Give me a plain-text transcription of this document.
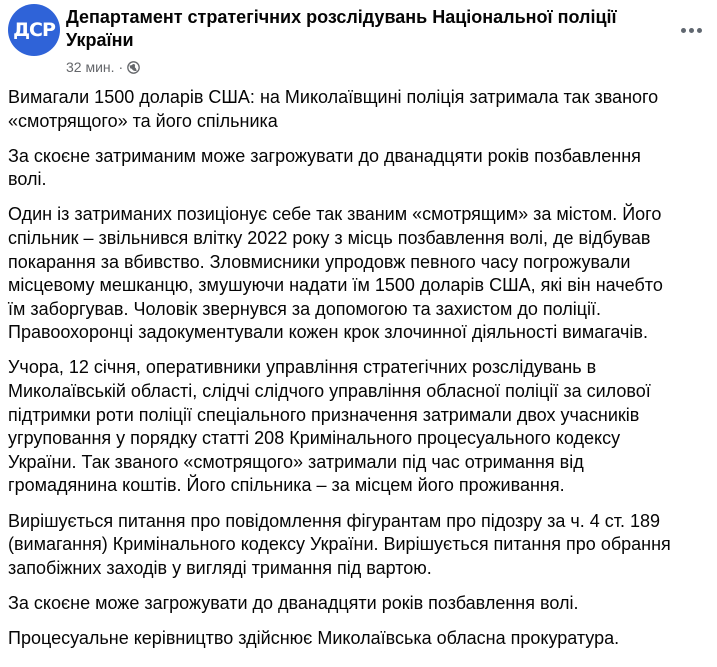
ДСР
Департамент стратегічних розслідувань Національної поліції України
32 мин. ·

Вимагали 1500 доларів США: на Миколаївщині поліція затримала так званого
«смотрящого» та його спільника

За скоєне затриманим може загрожувати до дванадцяти років позбавлення
волі.

Один із затриманих позиціонує себе так званим «смотрящим» за містом. Його
спільник – звільнився влітку 2022 року з місць позбавлення волі, де відбував
покарання за вбивство. Зловмисники упродовж певного часу погрожували
місцевому мешканцю, змушуючи надати їм 1500 доларів США, які він начебто
їм заборгував. Чоловік звернувся за допомогою та захистом до поліції.
Правоохоронці задокументували кожен крок злочинної діяльності вимагачів.

Учора, 12 січня, оперативники управління стратегічних розслідувань в
Миколаївській області, слідчі слідчого управління обласної поліції за силової
підтримки роти поліції спеціального призначення затримали двох учасників
угруповання у порядку статті 208 Кримінального процесуального кодексу
України. Так званого «смотрящого» затримали під час отримання від
громадянина коштів. Його спільника – за місцем його проживання.

Вирішується питання про повідомлення фігурантам про підозру за ч. 4 ст. 189
(вимагання) Кримінального кодексу України. Вирішується питання про обрання
запобіжних заходів у вигляді тримання під вартою.

За скоєне може загрожувати до дванадцяти років позбавлення волі.

Процесуальне керівництво здійснює Миколаївська обласна прокуратура.
